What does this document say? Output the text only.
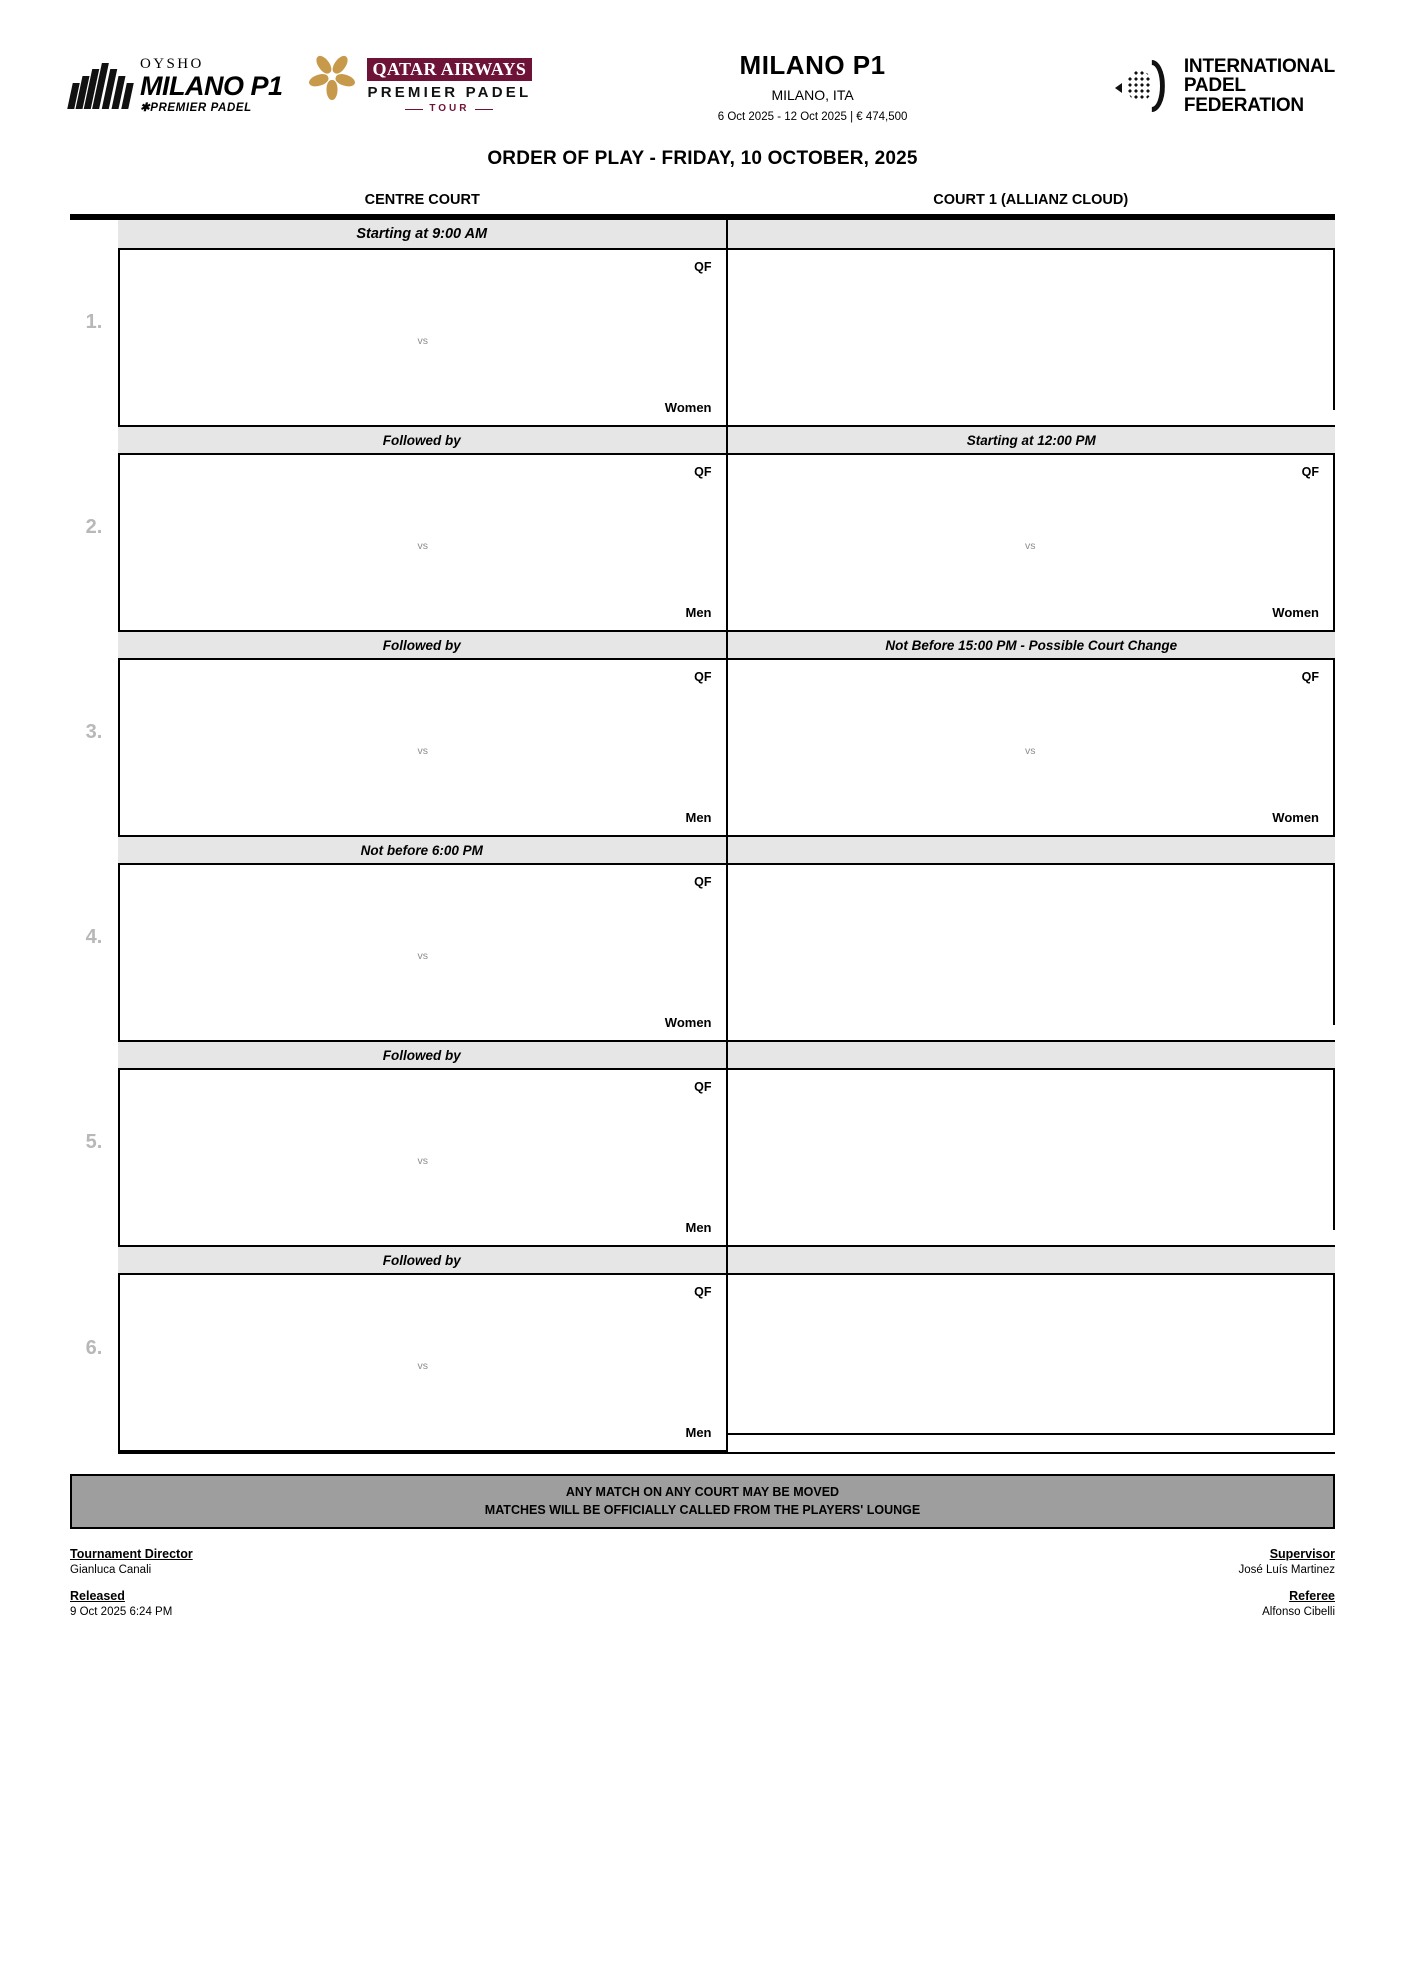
OYSHO
MILANO P1
✱PREMIER PADEL
QATAR AIRWAYS
PREMIER PADEL
TOUR
MILANO P1
MILANO, ITA
6 Oct 2025 - 12 Oct 2025 | € 474,500
INTERNATIONAL
PADEL
FEDERATION
ORDER OF PLAY - FRIDAY, 10 OCTOBER, 2025
CENTRE COURT	COURT 1 (ALLIANZ CLOUD)
1.
Starting at 9:00 AM
QF
vs
Women
2.
Followed by
QF
vs
Men
Starting at 12:00 PM
QF
vs
Women
3.
Followed by
QF
vs
Men
Not Before 15:00 PM - Possible Court Change
QF
vs
Women
4.
Not before 6:00 PM
QF
vs
Women
5.
Followed by
QF
vs
Men
6.
Followed by
QF
vs
Men
ANY MATCH ON ANY COURT MAY BE MOVED
MATCHES WILL BE OFFICIALLY CALLED FROM THE PLAYERS' LOUNGE
Tournament Director
Gianluca Canali
Released
9 Oct 2025 6:24 PM
Supervisor
José Luís Martinez
Referee
Alfonso Cibelli
